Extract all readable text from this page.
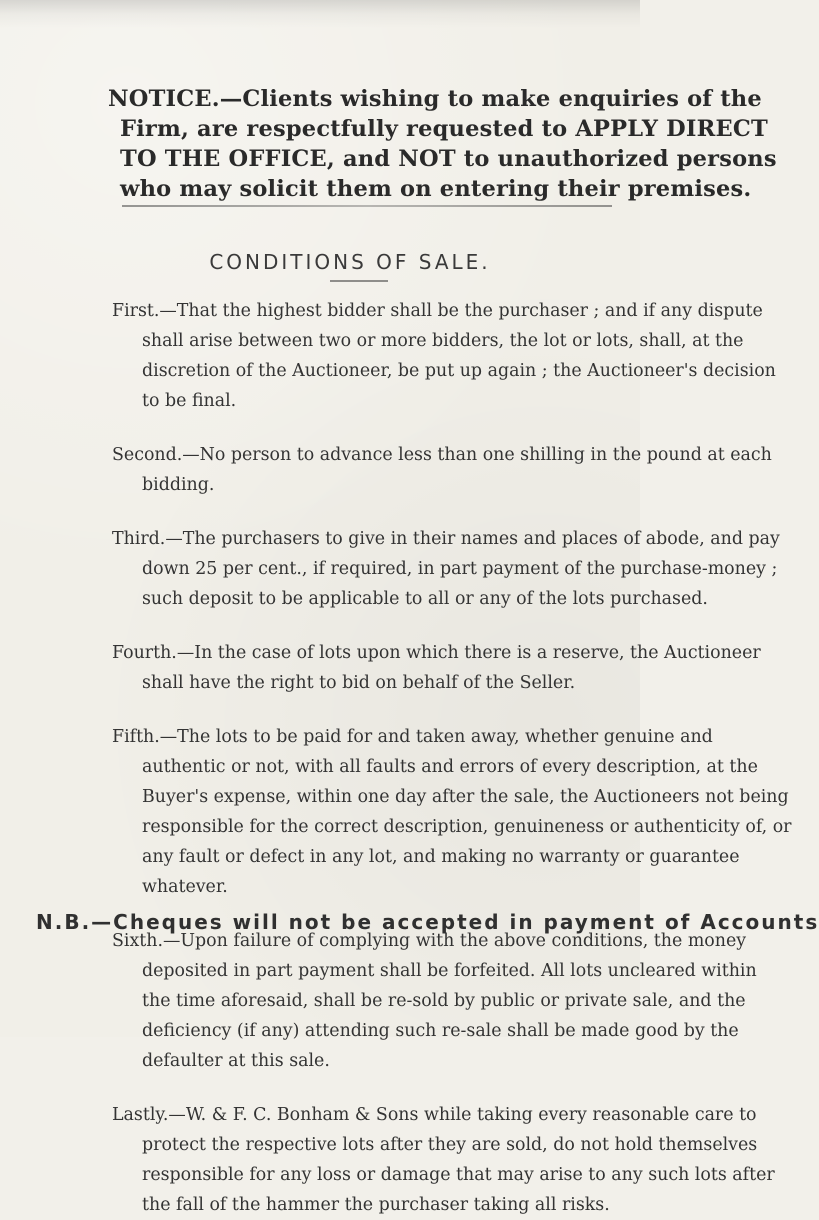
NOTICE.—Clients wishing to make enquiries of the
Firm, are respectfully requested to APPLY DIRECT
TO THE OFFICE, and NOT to unauthorized persons
who may solicit them on entering their premises.
CONDITIONS OF SALE.
First.—That the highest bidder shall be the purchaser ; and if any dispute
shall arise between two or more bidders, the lot or lots, shall, at the
discretion of the Auctioneer, be put up again ; the Auctioneer's decision
to be final.
Second.—No person to advance less than one shilling in the pound at each
bidding.
Third.—The purchasers to give in their names and places of abode, and pay
down 25 per cent., if required, in part payment of the purchase-money ;
such deposit to be applicable to all or any of the lots purchased.
Fourth.—In the case of lots upon which there is a reserve, the Auctioneer
shall have the right to bid on behalf of the Seller.
Fifth.—The lots to be paid for and taken away, whether genuine and
authentic or not, with all faults and errors of every description, at the
Buyer's expense, within one day after the sale, the Auctioneers not being
responsible for the correct description, genuineness or authenticity of, or
any fault or defect in any lot, and making no warranty or guarantee
whatever.
Sixth.—Upon failure of complying with the above conditions, the money
deposited in part payment shall be forfeited. All lots uncleared within
the time aforesaid, shall be re-sold by public or private sale, and the
deficiency (if any) attending such re-sale shall be made good by the
defaulter at this sale.
Lastly.—W. & F. C. Bonham & Sons while taking every reasonable care to
protect the respective lots after they are sold, do not hold themselves
responsible for any loss or damage that may arise to any such lots after
the fall of the hammer the purchaser taking all risks.
N.B.—Cheques will not be accepted in payment of Accounts
